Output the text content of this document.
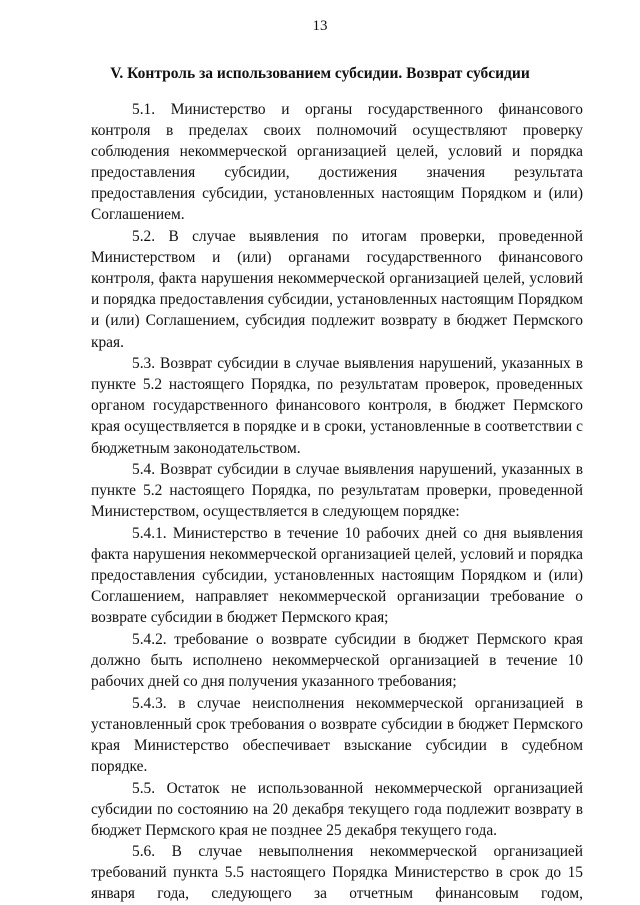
13
V. Контроль за использованием субсидии. Возврат субсидии

5.1. Министерство и органы государственного финансового контроля в пределах своих полномочий осуществляют проверку соблюдения некоммерческой организацией целей, условий и порядка предоставления субсидии, достижения значения результата предоставления субсидии, установленных настоящим Порядком и (или) Соглашением.

5.2. В случае выявления по итогам проверки, проведенной Министерством и (или) органами государственного финансового контроля, факта нарушения некоммерческой организацией целей, условий и порядка предоставления субсидии, установленных настоящим Порядком и (или) Соглашением, субсидия подлежит возврату в бюджет Пермского края.

5.3. Возврат субсидии в случае выявления нарушений, указанных в пункте 5.2 настоящего Порядка, по результатам проверок, проведенных органом государственного финансового контроля, в бюджет Пермского края осуществляется в порядке и в сроки, установленные в соответствии с бюджетным законодательством.

5.4. Возврат субсидии в случае выявления нарушений, указанных в пункте 5.2 настоящего Порядка, по результатам проверки, проведенной Министерством, осуществляется в следующем порядке:

5.4.1. Министерство в течение 10 рабочих дней со дня выявления факта нарушения некоммерческой организацией целей, условий и порядка предоставления субсидии, установленных настоящим Порядком и (или) Соглашением, направляет некоммерческой организации требование о возврате субсидии в бюджет Пермского края;

5.4.2. требование о возврате субсидии в бюджет Пермского края должно быть исполнено некоммерческой организацией в течение 10 рабочих дней со дня получения указанного требования;

5.4.3. в случае неисполнения некоммерческой организацией в установленный срок требования о возврате субсидии в бюджет Пермского края Министерство обеспечивает взыскание субсидии в судебном порядке.

5.5. Остаток не использованной некоммерческой организацией субсидии по состоянию на 20 декабря текущего года подлежит возврату в бюджет Пермского края не позднее 25 декабря текущего года.

5.6. В случае невыполнения некоммерческой организацией требований пункта 5.5 настоящего Порядка Министерство в срок до 15 января года, следующего за отчетным финансовым годом,
